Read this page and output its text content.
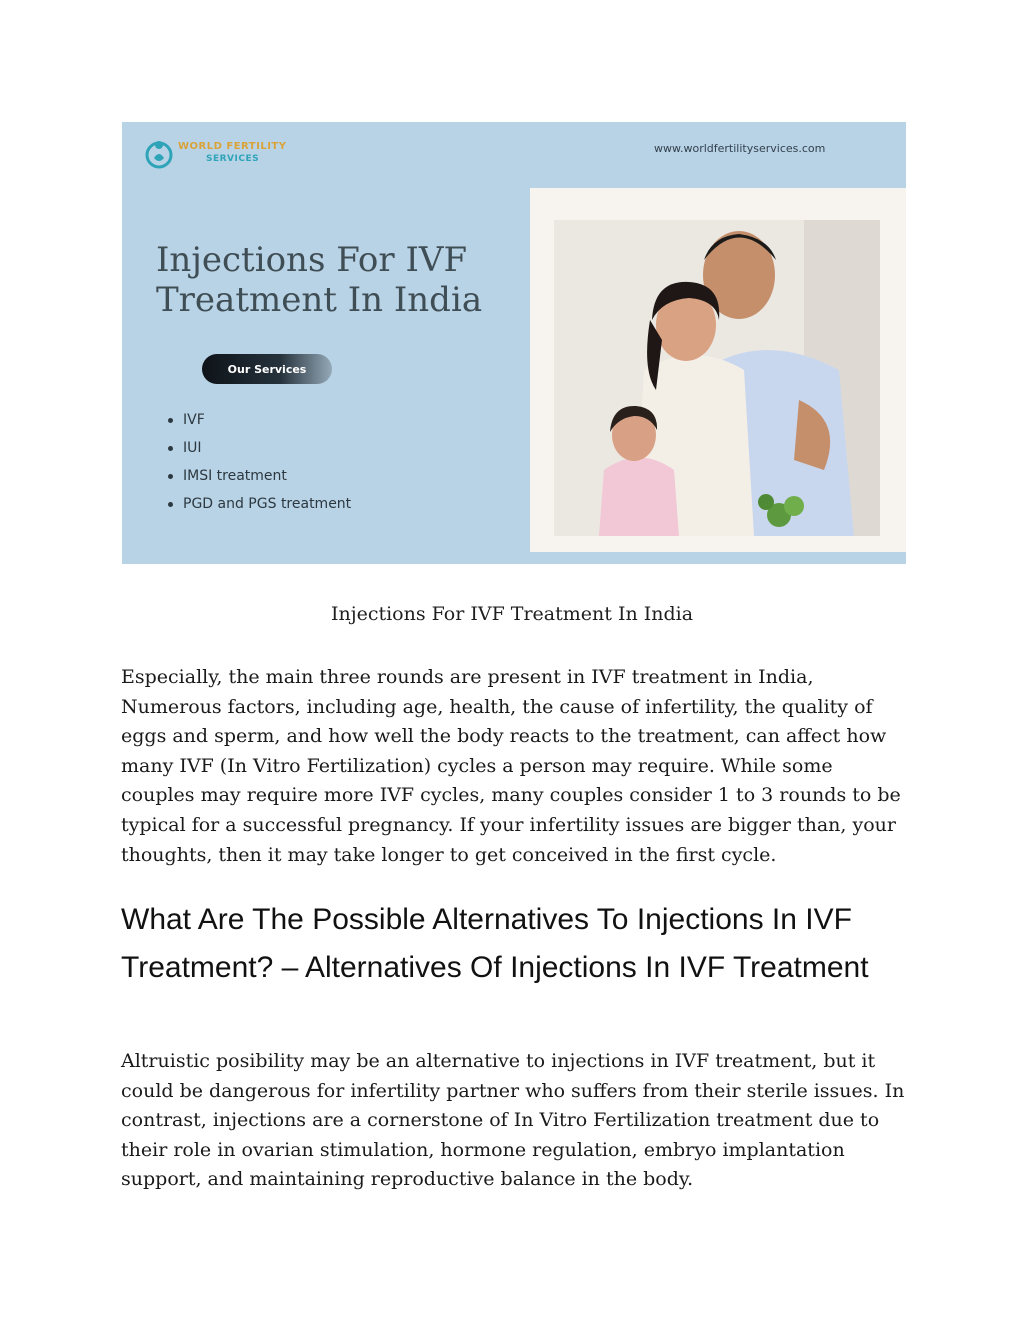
WORLD FERTILITY
SERVICES
www.worldfertilityservices.com
Injections For IVF Treatment In India
Our Services
IVF
IUI
IMSI treatment
PGD and PGS treatment

Injections For IVF Treatment In India

Especially, the main three rounds are present in IVF treatment in India, Numerous factors, including age, health, the cause of infertility, the quality of eggs and sperm, and how well the body reacts to the treatment, can affect how many IVF (In Vitro Fertilization) cycles a person may require. While some couples may require more IVF cycles, many couples consider 1 to 3 rounds to be typical for a successful pregnancy. If your infertility issues are bigger than, your thoughts, then it may take longer to get conceived in the first cycle.

What Are The Possible Alternatives To Injections In IVF Treatment? – Alternatives Of Injections In IVF Treatment

Altruistic posibility may be an alternative to injections in IVF treatment, but it could be dangerous for infertility partner who suffers from their sterile issues. In contrast, injections are a cornerstone of In Vitro Fertilization treatment due to their role in ovarian stimulation, hormone regulation, embryo implantation support, and maintaining reproductive balance in the body.
